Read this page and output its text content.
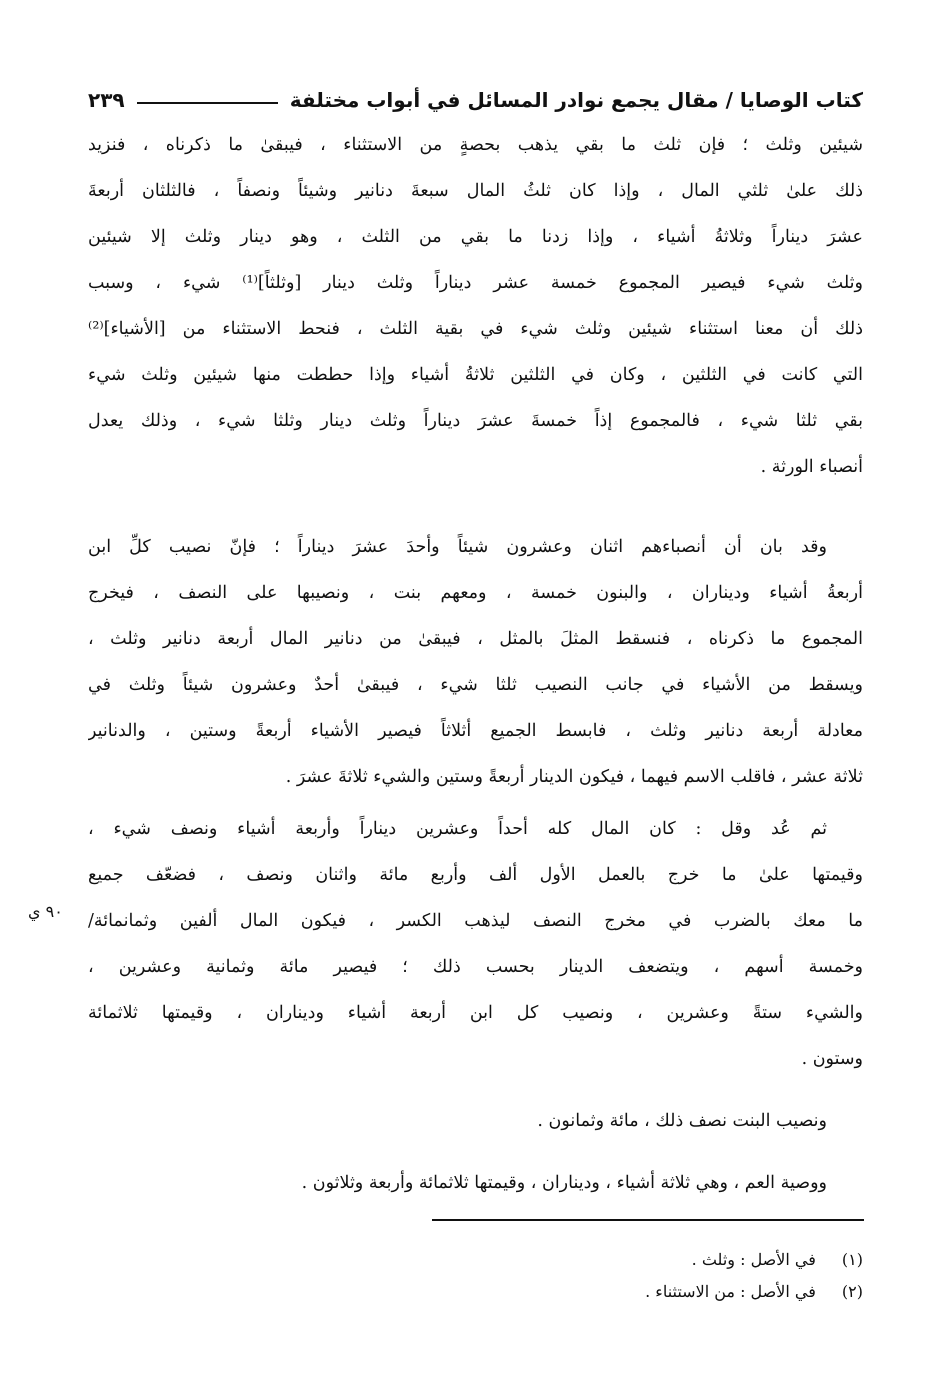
كتاب الوصايا / مقال يجمع نوادر المسائل في أبواب مختلفة
٢٣٩
شيئين وثلث ؛ فإن ثلث ما بقي يذهب بحصةٍ من الاستثناء ، فيبقىٰ ما ذكرناه ، فنزيد
ذلك علىٰ ثلثي المال ، وإذا كان ثلثُ المال سبعةَ دنانير وشيئاً ونصفاً ، فالثلثان أربعةَ
عشرَ ديناراً وثلاثةُ أشياء ، وإذا زدنا ما بقي من الثلث ، وهو دينار وثلث إلا شيئين
وثلث شيء فيصير المجموع خمسة عشر ديناراً وثلث دينار [وثلثاً]⁽¹⁾ شيء ، وسبب
ذلك أن معنا استثناء شيئين وثلث شيء في بقية الثلث ، فنحط الاستثناء من [الأشياء]⁽²⁾
التي كانت في الثلثين ، وكان في الثلثين ثلاثةُ أشياء وإذا حططت منها شيئين وثلث شيء
بقي ثلثا شيء ، فالمجموع إذاً خمسةَ عشرَ ديناراً وثلث دينار وثلثا شيء ، وذلك يعدل
أنصباء الورثة .
وقد بان أن أنصباءهم اثنان وعشرون شيئاً وأحدَ عشرَ ديناراً ؛ فإنّ نصيب كلِّ ابن
أربعةُ أشياء وديناران ، والبنون خمسة ، ومعهم بنت ، ونصيبها على النصف ، فيخرج
المجموع ما ذكرناه ، فنسقط المثلَ بالمثل ، فيبقىٰ من دنانير المال أربعة دنانير وثلث ،
ويسقط من الأشياء في جانب النصيب ثلثا شيء ، فيبقىٰ أحدٌ وعشرون شيئاً وثلث في
معادلة أربعة دنانير وثلث ، فابسط الجميع أثلاثاً فيصير الأشياء أربعةً وستين ، والدنانير
ثلاثة عشر ، فاقلب الاسم فيهما ، فيكون الدينار أربعةً وستين والشيء ثلاثةَ عشرَ .
ثم عُد وقل : كان المال كله أحداً وعشرين ديناراً وأربعة أشياء ونصف شيء ،
وقيمتها علىٰ ما خرج بالعمل الأول ألف وأربع مائة واثنان ونصف ، فضعّف جميع
ما معك بالضرب في مخرج النصف ليذهب الكسر ، فيكون المال ألفين وثمانمائة/
وخمسة أسهم ، ويتضعف الدينار بحسب ذلك ؛ فيصير مائة وثمانية وعشرين ،
والشيء ستةً وعشرين ، ونصيب كل ابن أربعة أشياء وديناران ، وقيمتها ثلاثمائة
وستون .
ونصيب البنت نصف ذلك ، مائة وثمانون .
ووصية العم ، وهي ثلاثة أشياء ، وديناران ، وقيمتها ثلاثمائة وأربعة وثلاثون .
٩٠ ي
(١) في الأصل : وثلث .
(٢) في الأصل : من الاستثناء .
